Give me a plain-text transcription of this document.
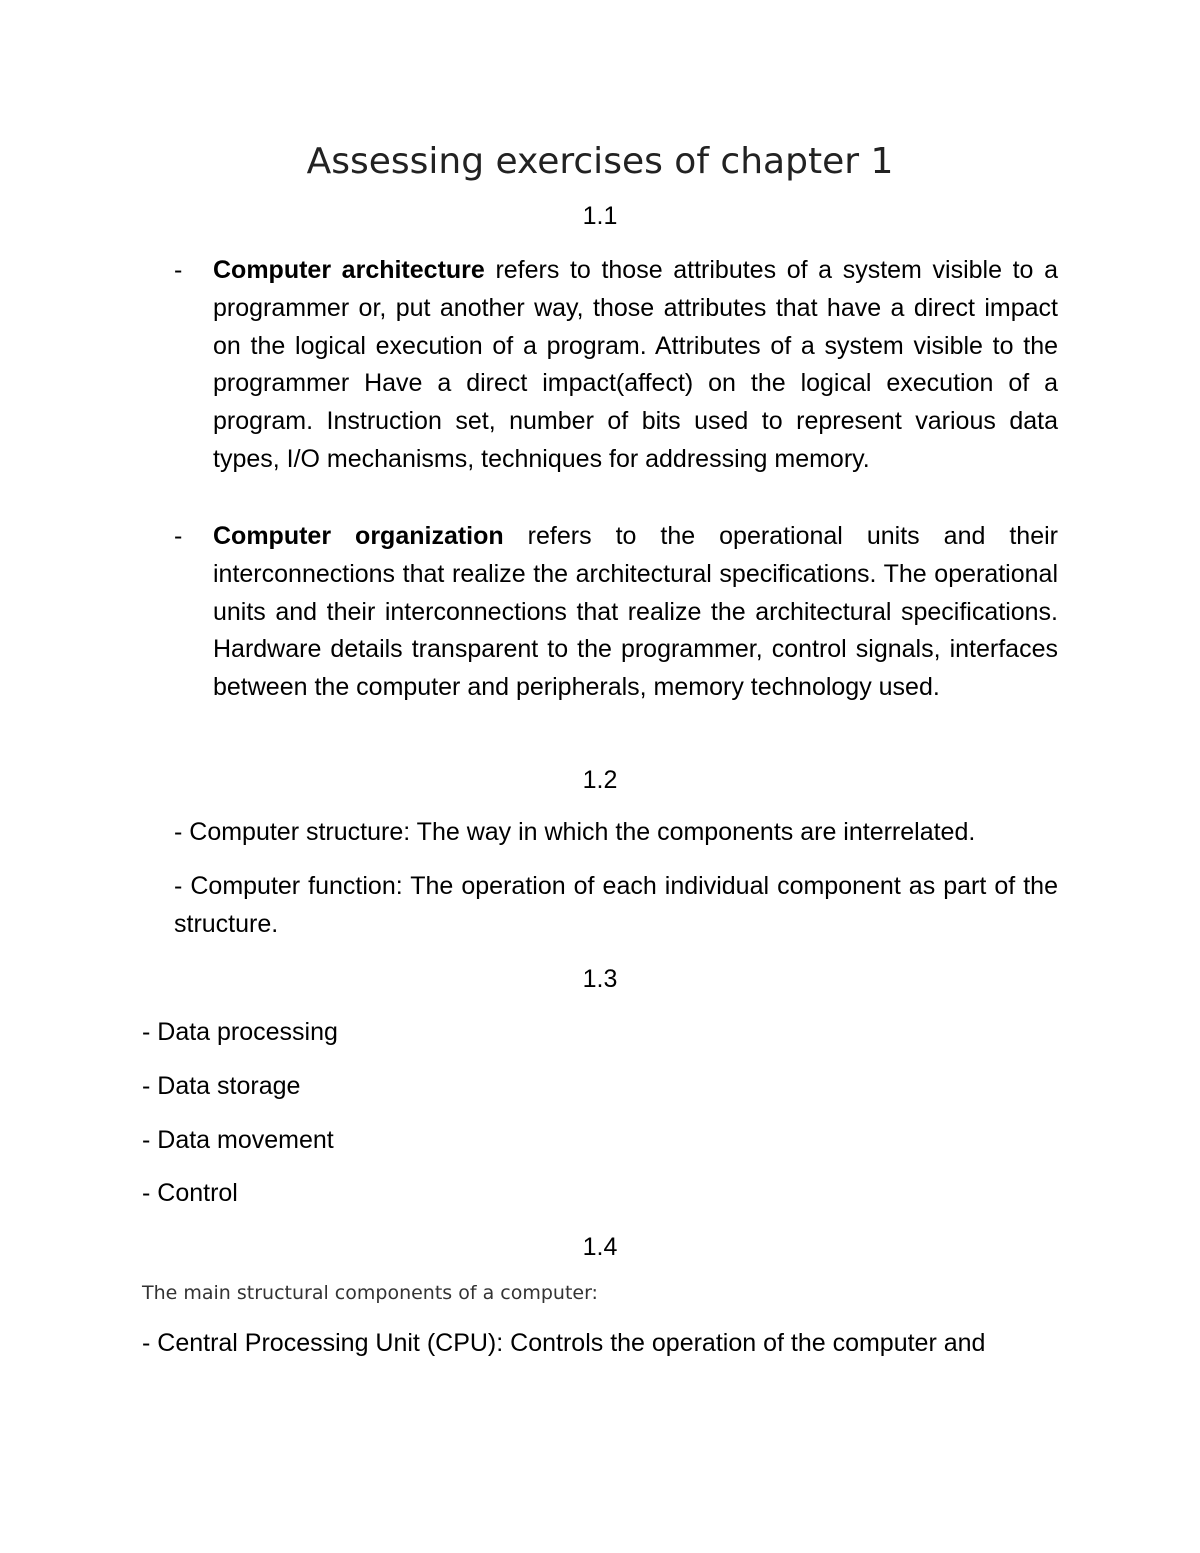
Assessing exercises of chapter 1
1.1
- Computer architecture refers to those attributes of a system visible to a programmer or, put another way, those attributes that have a direct impact on the logical execution of a program. Attributes of a system visible to the programmer Have a direct impact(affect) on the logical execution of a program. Instruction set, number of bits used to represent various data types, I/O mechanisms, techniques for addressing memory.
- Computer organization refers to the operational units and their interconnections that realize the architectural specifications. The operational units and their interconnections that realize the architectural specifications. Hardware details transparent to the programmer, control signals, interfaces between the computer and peripherals, memory technology used.
1.2
- Computer structure: The way in which the components are interrelated.
- Computer function: The operation of each individual component as part of the structure.
1.3
- Data processing
- Data storage
- Data movement
- Control
1.4
The main structural components of a computer:
- Central Processing Unit (CPU): Controls the operation of the computer and
